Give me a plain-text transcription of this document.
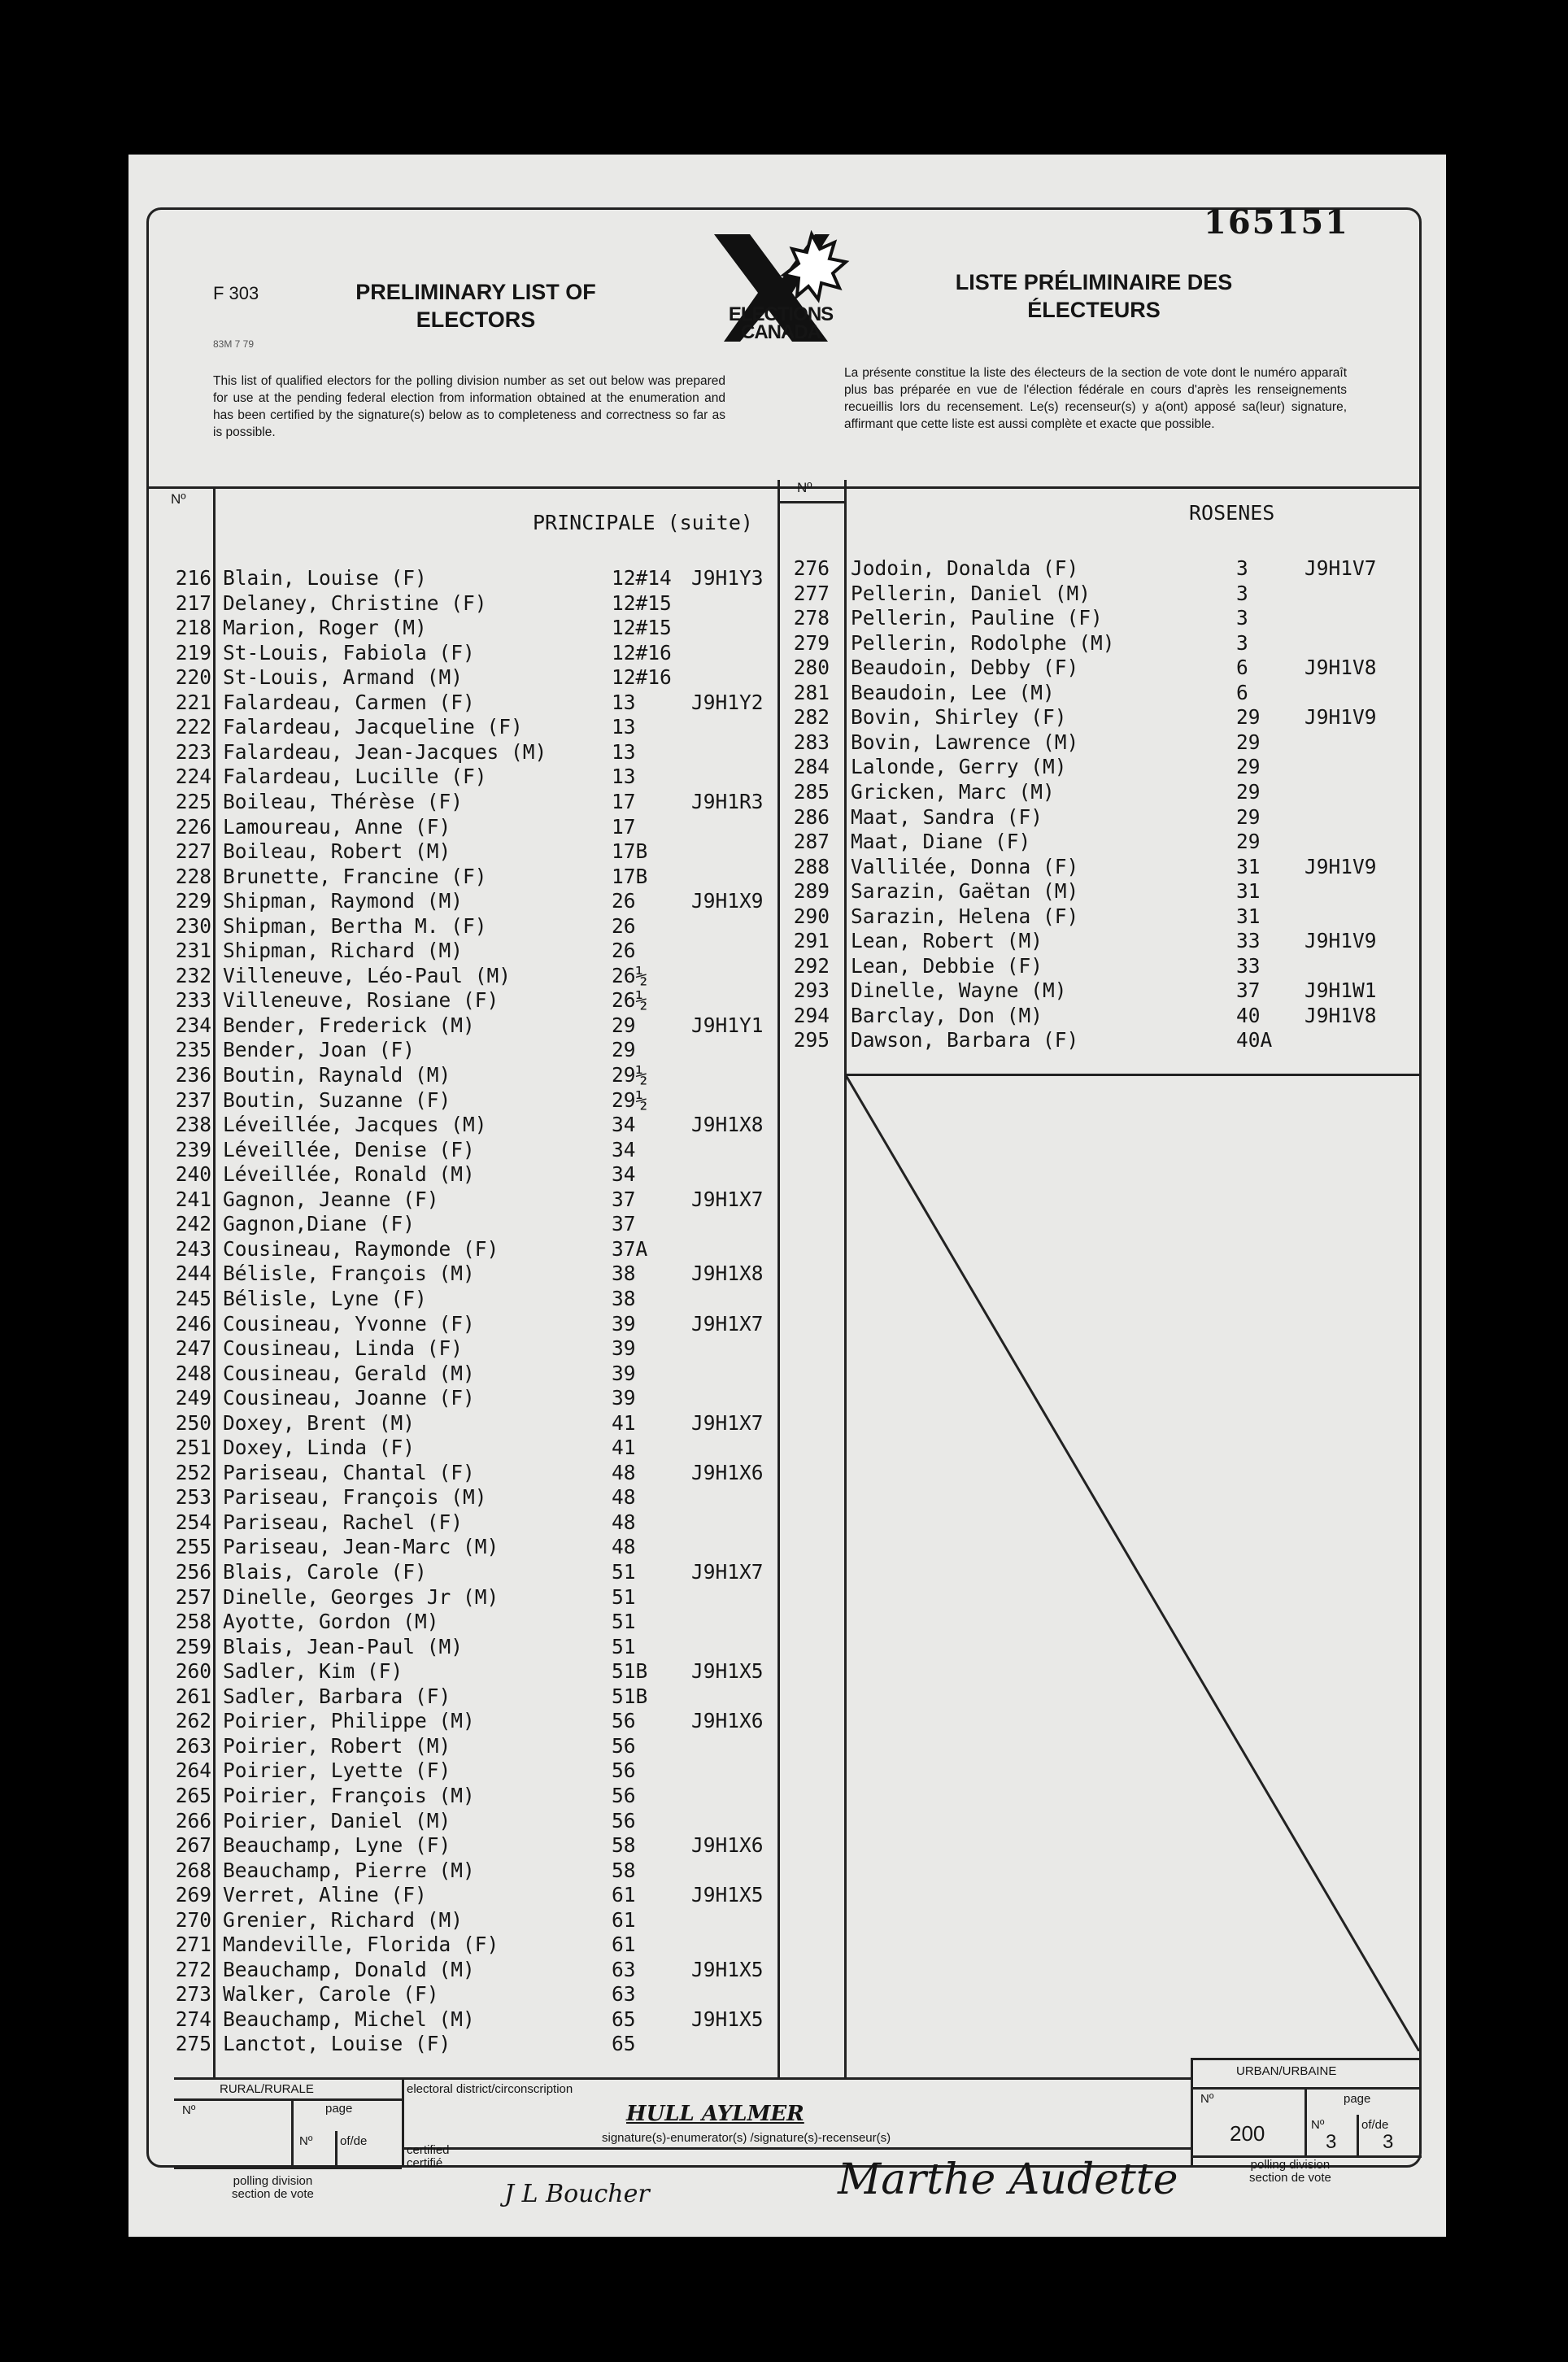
165151
F 303
83M 7 79
PRELIMINARY LIST OF
ELECTORS
LISTE PRÉLIMINAIRE DES
ÉLECTEURS
ELECTIONS
CANADA
This list of qualified electors for the polling division number as set out below was prepared for use at the pending federal election from information obtained at the enumeration and has been certified by the signature(s) below as to completeness and correctness so far as is possible.
La présente constitue la liste des électeurs de la section de vote dont le numéro apparaît plus bas préparée en vue de l'élection fédérale en cours d'après les renseignements recueillis lors du recensement. Le(s) recenseur(s) y a(ont) apposé sa(leur) signature, affirmant que cette liste est aussi complète et exacte que possible.
Nº
Nº
PRINCIPALE (suite)	ROSENES
216 Blain, Louise (F)	12#14 J9H1Y3
217 Delaney, Christine (F)	12#15
218 Marion, Roger (M)	12#15
219 St-Louis, Fabiola (F)	12#16
220 St-Louis, Armand (M)	12#16
221 Falardeau, Carmen (F)	13	J9H1Y2
222 Falardeau, Jacqueline (F)	13
223 Falardeau, Jean-Jacques (M)	13
224 Falardeau, Lucille (F)	13
225 Boileau, Thérèse (F)	17	J9H1R3
226 Lamoureau, Anne (F)	17
227 Boileau, Robert (M)	17B
228 Brunette, Francine (F)	17B
229 Shipman, Raymond (M)	26	J9H1X9
230 Shipman, Bertha M. (F)	26
231 Shipman, Richard (M)	26
232 Villeneuve, Léo-Paul (M)	26½
233 Villeneuve, Rosiane (F)	26½
234 Bender, Frederick (M)	29	J9H1Y1
235 Bender, Joan (F)	29
236 Boutin, Raynald (M)	29½
237 Boutin, Suzanne (F)	29½
238 Léveillée, Jacques (M)	34	J9H1X8
239 Léveillée, Denise (F)	34
240 Léveillée, Ronald (M)	34
241 Gagnon, Jeanne (F)	37	J9H1X7
242 Gagnon,Diane (F)	37
243 Cousineau, Raymonde (F)	37A
244 Bélisle, François (M)	38	J9H1X8
245 Bélisle, Lyne (F)	38
246 Cousineau, Yvonne (F)	39	J9H1X7
247 Cousineau, Linda (F)	39
248 Cousineau, Gerald (M)	39
249 Cousineau, Joanne (F)	39
250 Doxey, Brent (M)	41	J9H1X7
251 Doxey, Linda (F)	41
252 Pariseau, Chantal (F)	48	J9H1X6
253 Pariseau, François (M)	48
254 Pariseau, Rachel (F)	48
255 Pariseau, Jean-Marc (M)	48
256 Blais, Carole (F)	51	J9H1X7
257 Dinelle, Georges Jr (M)	51
258 Ayotte, Gordon (M)	51
259 Blais, Jean-Paul (M)	51
260 Sadler, Kim (F)	51B J9H1X5
261 Sadler, Barbara (F)	51B
262 Poirier, Philippe (M)	56	J9H1X6
263 Poirier, Robert (M)	56
264 Poirier, Lyette (F)	56
265 Poirier, François (M)	56
266 Poirier, Daniel (M)	56
267 Beauchamp, Lyne (F)	58	J9H1X6
268 Beauchamp, Pierre (M)	58
269 Verret, Aline (F)	61	J9H1X5
270 Grenier, Richard (M)	61
271 Mandeville, Florida (F)	61
272 Beauchamp, Donald (M)	63	J9H1X5
273 Walker, Carole (F)	63
274 Beauchamp, Michel (M)	65	J9H1X5
275 Lanctot, Louise (F)	65
276 Jodoin, Donalda (F)	3	J9H1V7
277 Pellerin, Daniel (M)	3
278 Pellerin, Pauline (F)	3
279 Pellerin, Rodolphe (M)	3
280 Beaudoin, Debby (F)	6	J9H1V8
281 Beaudoin, Lee (M)	6
282 Bovin, Shirley (F)	29 J9H1V9
283 Bovin, Lawrence (M)	29
284 Lalonde, Gerry (M)	29
285 Gricken, Marc (M)	29
286 Maat, Sandra (F)	29
287 Maat, Diane (F)	29
288 Vallilée, Donna (F)	31 J9H1V9
289 Sarazin, Gaëtan (M)	31
290 Sarazin, Helena (F)	31
291 Lean, Robert (M)	33 J9H1V9
292 Lean, Debbie (F)	33
293 Dinelle, Wayne (M)	37 J9H1W1
294 Barclay, Don (M)	40 J9H1V8
295 Dawson, Barbara (F)	40A
RURAL/RURALE
Nº	page
Nº of/de
polling division
section de vote
electoral district/circonscription
certified
certifié
signature(s)-enumerator(s) /signature(s)-recenseur(s)
URBAN/URBAINE
Nº	page
Nº	of/de
200	3 3
polling division
section de vote
HULL AYLMER
J L Boucher	Marthe Audette
